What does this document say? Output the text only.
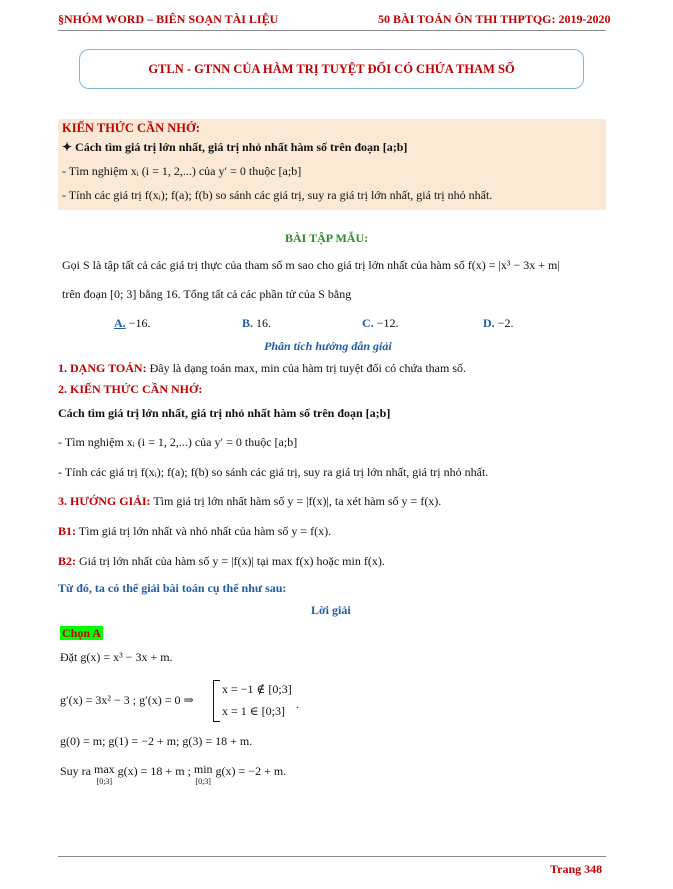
§NHÓM WORD – BIÊN SOẠN TÀI LIỆU	50 BÀI TOÁN ÔN THI THPTQG: 2019-2020
GTLN - GTNN CỦA HÀM TRỊ TUYỆT ĐỐI CÓ CHỨA THAM SỐ
KIẾN THỨC CẦN NHỚ:
✦ Cách tìm giá trị lớn nhất, giá trị nhỏ nhất hàm số trên đoạn [a;b]
- Tìm nghiệm xᵢ (i = 1, 2,...) của y′ = 0 thuộc [a;b]
- Tính các giá trị f(xᵢ); f(a); f(b) so sánh các giá trị, suy ra giá trị lớn nhất, giá trị nhỏ nhất.
BÀI TẬP MẪU:
Gọi S là tập tất cả các giá trị thực của tham số m sao cho giá trị lớn nhất của hàm số f(x) = |x³ − 3x + m|
trên đoạn [0; 3] bằng 16. Tổng tất cả các phần tử của S bằng
A. −16.	B. 16.	C. −12.	D. −2.
Phân tích hướng dẫn giải
1. DẠNG TOÁN: Đây là dạng toán max, min của hàm trị tuyệt đối có chứa tham số.
2. KIẾN THỨC CẦN NHỚ:
Cách tìm giá trị lớn nhất, giá trị nhỏ nhất hàm số trên đoạn [a;b]
- Tìm nghiệm xᵢ (i = 1, 2,...) của y′ = 0 thuộc [a;b]
- Tính các giá trị f(xᵢ); f(a); f(b) so sánh các giá trị, suy ra giá trị lớn nhất, giá trị nhỏ nhất.
3. HƯỚNG GIẢI: Tìm giá trị lớn nhất hàm số y = |f(x)|, ta xét hàm số y = f(x).
B1: Tìm giá trị lớn nhất và nhỏ nhất của hàm số y = f(x).
B2: Giá trị lớn nhất của hàm số y = |f(x)| tại max f(x) hoặc min f(x).
Từ đó, ta có thể giải bài toán cụ thể như sau:
Lời giải
Chọn A
Đặt g(x) = x³ − 3x + m.
g′(x) = 3x² − 3 ; g′(x) = 0 ⇒
x = −1 ∉ [0;3]
x = 1 ∈ [0;3] .
g(0) = m; g(1) = −2 + m; g(3) = 18 + m.
Suy ra max
[0;3] g(x) = 18 + m ; min
[0;3] g(x) = −2 + m.
Trang 348
